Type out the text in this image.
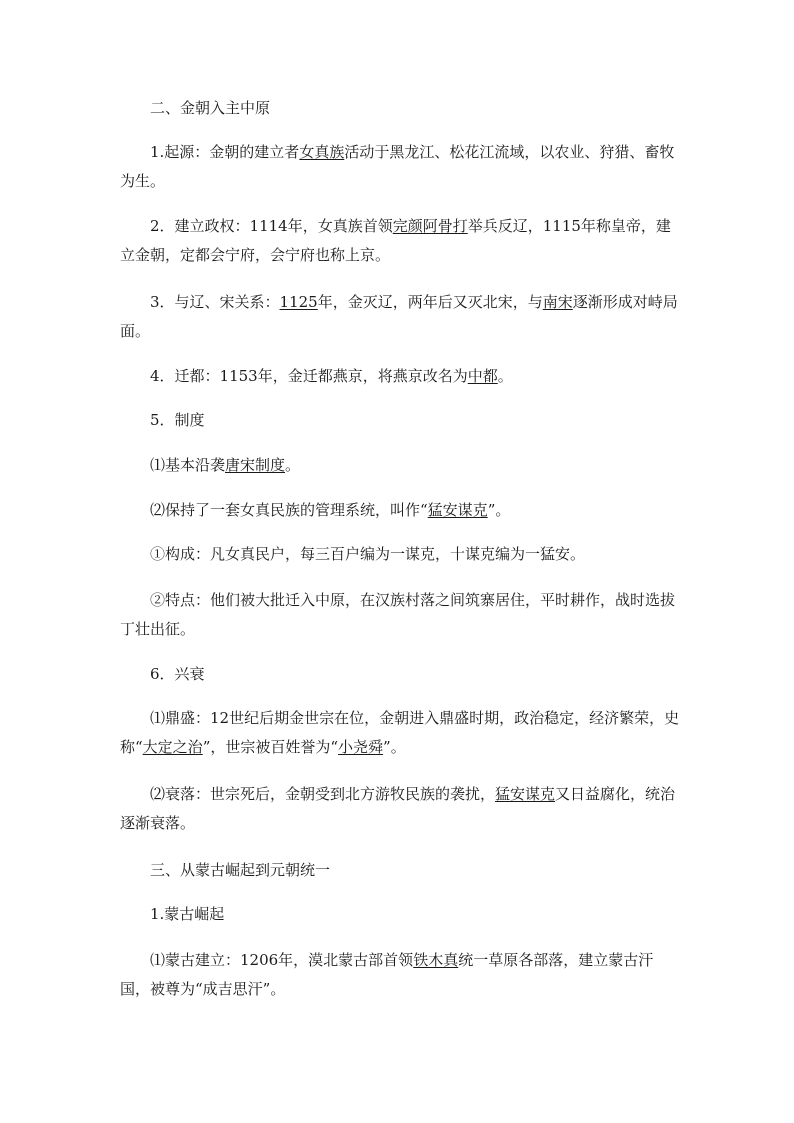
二、金朝入主中原

1.起源：金朝的建立者女真族活动于黑龙江、松花江流域，以农业、狩猎、畜牧为生。

2．建立政权：1114年，女真族首领完颜阿骨打举兵反辽，1115年称皇帝，建立金朝，定都会宁府，会宁府也称上京。

3．与辽、宋关系：1125年，金灭辽，两年后又灭北宋，与南宋逐渐形成对峙局面。

4．迁都：1153年，金迁都燕京，将燕京改名为中都。

5．制度

⑴基本沿袭唐宋制度。

⑵保持了一套女真民族的管理系统，叫作“猛安谋克”。

①构成：凡女真民户，每三百户编为一谋克，十谋克编为一猛安。

②特点：他们被大批迁入中原，在汉族村落之间筑寨居住，平时耕作，战时选拔丁壮出征。

6．兴衰

⑴鼎盛：12世纪后期金世宗在位，金朝进入鼎盛时期，政治稳定，经济繁荣，史称“大定之治”，世宗被百姓誉为“小尧舜”。

⑵衰落：世宗死后，金朝受到北方游牧民族的袭扰，猛安谋克又日益腐化，统治逐渐衰落。

三、从蒙古崛起到元朝统一

1.蒙古崛起

⑴蒙古建立：1206年，漠北蒙古部首领铁木真统一草原各部落，建立蒙古汗国，被尊为“成吉思汗”。
